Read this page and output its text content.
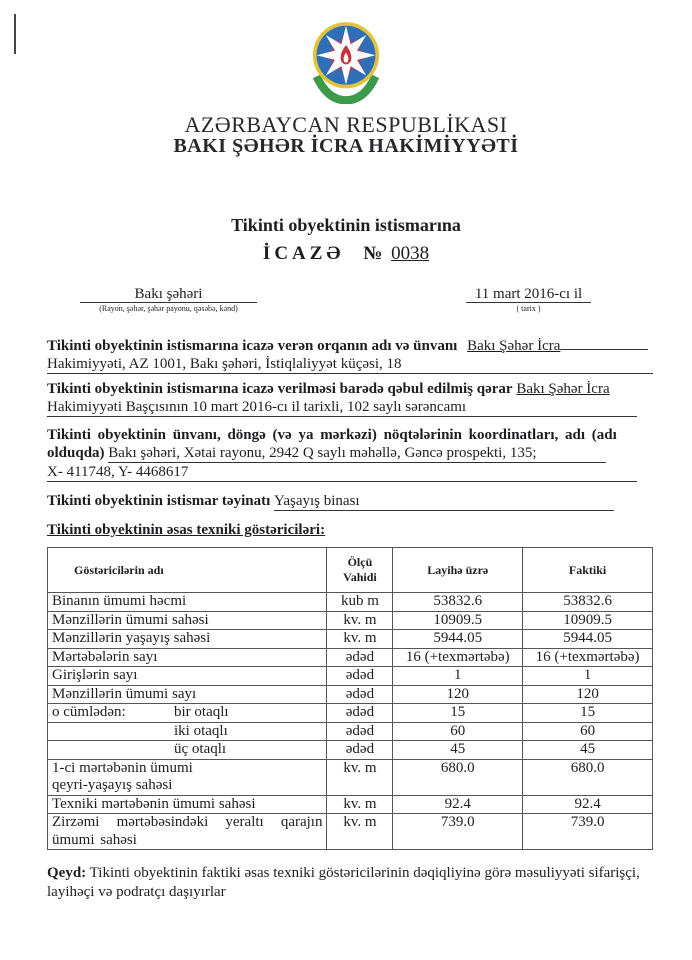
AZƏRBAYCAN RESPUBLİKASI
BAKI ŞƏHƏR İCRA HAKİMİYYƏTİ
Tikinti obyektinin istismarına
İCAZƏ № 0038
Bakı şəhəri
(Rayon, şəhər, şəhər payonu, qəsəbə, kənd)
11 mart 2016-cı il
( tarix )
Tikinti obyektinin istismarına icazə verən orqanın adı və ünvanı Bakı Şəhər İcra
Hakimiyyəti, AZ 1001, Bakı şəhəri, İstiqlaliyyət küçəsi, 18
Tikinti obyektinin istismarına icazə verilməsi barədə qəbul edilmiş qərar Bakı Şəhər İcra
Hakimiyyəti Başçısının 10 mart 2016-cı il tarixli, 102 saylı sərəncamı
Tikinti obyektinin ünvanı, döngə (və ya mərkəzi) nöqtələrinin koordinatları, adı (adı
olduqda) Bakı şəhəri, Xətai rayonu, 2942 Q saylı məhəllə, Gəncə prospekti, 135;
X- 411748, Y- 4468617
Tikinti obyektinin istismar təyinatı Yaşayış binası
Tikinti obyektinin əsas texniki göstəriciləri:
Göstəricilərin adı	Ölçü Vahidi	Layihə üzrə	Faktiki
Binanın ümumi həcmi	kub m	53832.6	53832.6
Mənzillərin ümumi sahəsi	kv. m	10909.5	10909.5
Mənzillərin yaşayış sahəsi	kv. m	5944.05	5944.05
Mərtəbələrin sayı	ədəd	16 (+texmərtəbə)	16 (+texmərtəbə)
Girişlərin sayı	ədəd	1	1
Mənzillərin ümumi sayı	ədəd	120	120
o cümlədən: bir otaqlı	ədəd	15	15
iki otaqlı	ədəd	60	60
üç otaqlı	ədəd	45	45
1-ci mərtəbənin ümumi qeyri-yaşayış sahəsi	kv. m	680.0	680.0
Texniki mərtəbənin ümumi sahəsi	kv. m	92.4	92.4
Zirzəmi mərtəbəsindəki yeraltı qarajın ümumi sahəsi	kv. m	739.0	739.0
Qeyd: Tikinti obyektinin faktiki əsas texniki göstəricilərinin dəqiqliyinə görə məsuliyyəti sifarişçi, layihəçi və podratçı daşıyırlar
